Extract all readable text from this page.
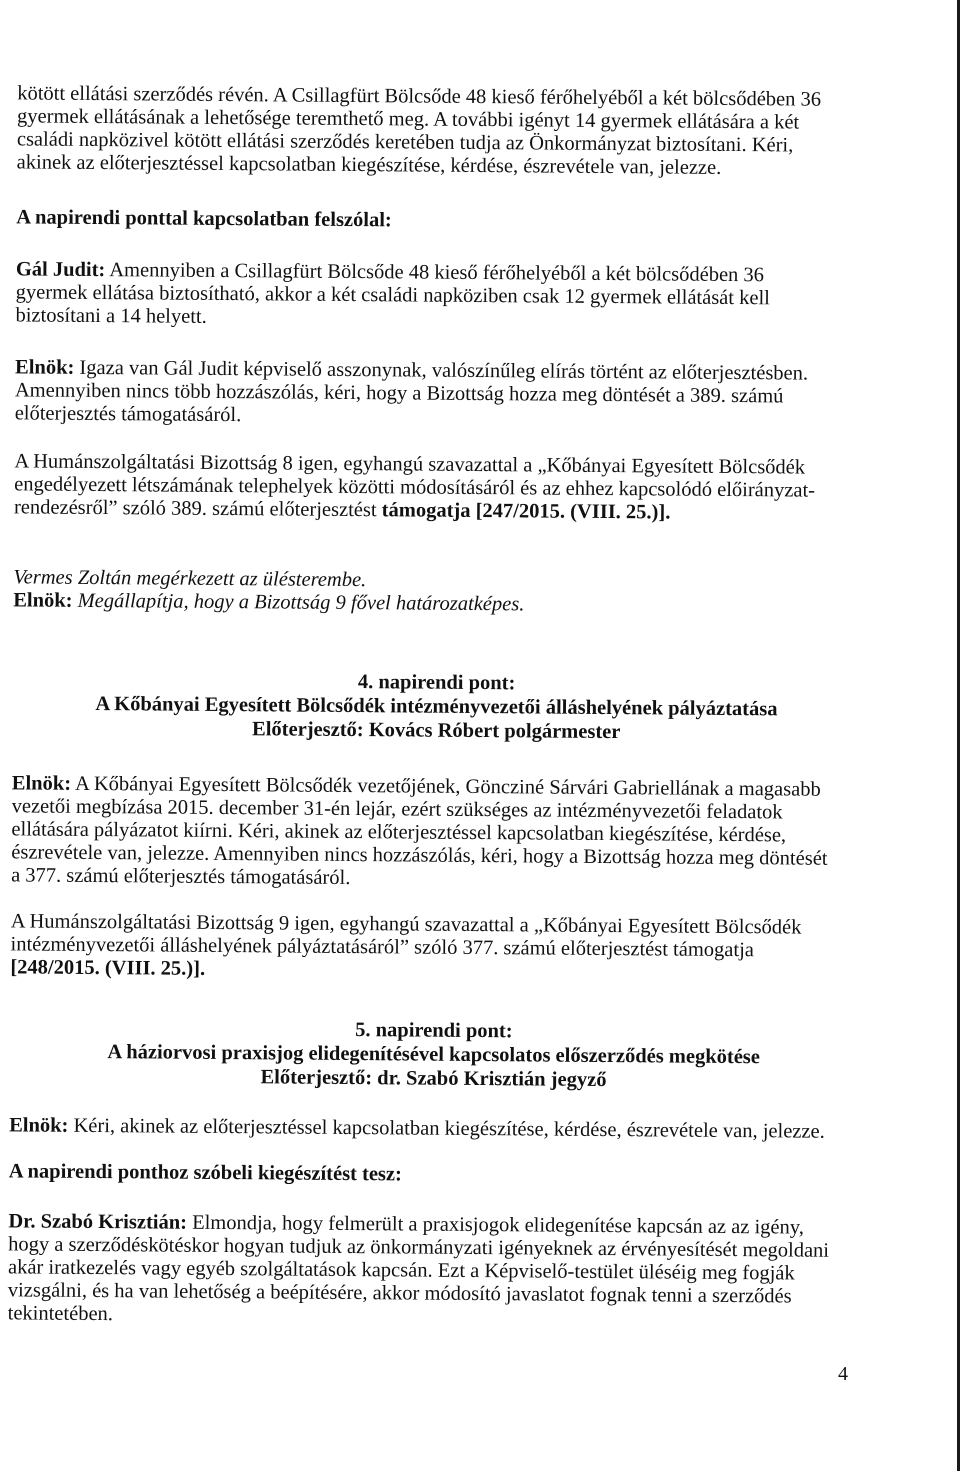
kötött ellátási szerződés révén. A Csillagfürt Bölcsőde 48 kieső férőhelyéből a két bölcsődében 36
gyermek ellátásának a lehetősége teremthető meg. A további igényt 14 gyermek ellátására a két
családi napközivel kötött ellátási szerződés keretében tudja az Önkormányzat biztosítani. Kéri,
akinek az előterjesztéssel kapcsolatban kiegészítése, kérdése, észrevétele van, jelezze.
A napirendi ponttal kapcsolatban felszólal:
Gál Judit: Amennyiben a Csillagfürt Bölcsőde 48 kieső férőhelyéből a két bölcsődében 36
gyermek ellátása biztosítható, akkor a két családi napköziben csak 12 gyermek ellátását kell
biztosítani a 14 helyett.
Elnök: Igaza van Gál Judit képviselő asszonynak, valószínűleg elírás történt az előterjesztésben.
Amennyiben nincs több hozzászólás, kéri, hogy a Bizottság hozza meg döntését a 389. számú
előterjesztés támogatásáról.
A Humánszolgáltatási Bizottság 8 igen, egyhangú szavazattal a „Kőbányai Egyesített Bölcsődék
engedélyezett létszámának telephelyek közötti módosításáról és az ehhez kapcsolódó előirányzat-
rendezésről” szóló 389. számú előterjesztést támogatja [247/2015. (VIII. 25.)].
Vermes Zoltán megérkezett az ülésterembe.
Elnök: Megállapítja, hogy a Bizottság 9 fővel határozatképes.
4. napirendi pont:
A Kőbányai Egyesített Bölcsődék intézményvezetői álláshelyének pályáztatása
Előterjesztő: Kovács Róbert polgármester
Elnök: A Kőbányai Egyesített Bölcsődék vezetőjének, Göncziné Sárvári Gabriellának a magasabb
vezetői megbízása 2015. december 31-én lejár, ezért szükséges az intézményvezetői feladatok
ellátására pályázatot kiírni. Kéri, akinek az előterjesztéssel kapcsolatban kiegészítése, kérdése,
észrevétele van, jelezze. Amennyiben nincs hozzászólás, kéri, hogy a Bizottság hozza meg döntését
a 377. számú előterjesztés támogatásáról.
A Humánszolgáltatási Bizottság 9 igen, egyhangú szavazattal a „Kőbányai Egyesített Bölcsődék
intézményvezetői álláshelyének pályáztatásáról” szóló 377. számú előterjesztést támogatja
[248/2015. (VIII. 25.)].
5. napirendi pont:
A háziorvosi praxisjog elidegenítésével kapcsolatos előszerződés megkötése
Előterjesztő: dr. Szabó Krisztián jegyző
Elnök: Kéri, akinek az előterjesztéssel kapcsolatban kiegészítése, kérdése, észrevétele van, jelezze.
A napirendi ponthoz szóbeli kiegészítést tesz:
Dr. Szabó Krisztián: Elmondja, hogy felmerült a praxisjogok elidegenítése kapcsán az az igény,
hogy a szerződéskötéskor hogyan tudjuk az önkormányzati igényeknek az érvényesítését megoldani
akár iratkezelés vagy egyéb szolgáltatások kapcsán. Ezt a Képviselő-testület üléséig meg fogják
vizsgálni, és ha van lehetőség a beépítésére, akkor módosító javaslatot fognak tenni a szerződés
tekintetében.
4
